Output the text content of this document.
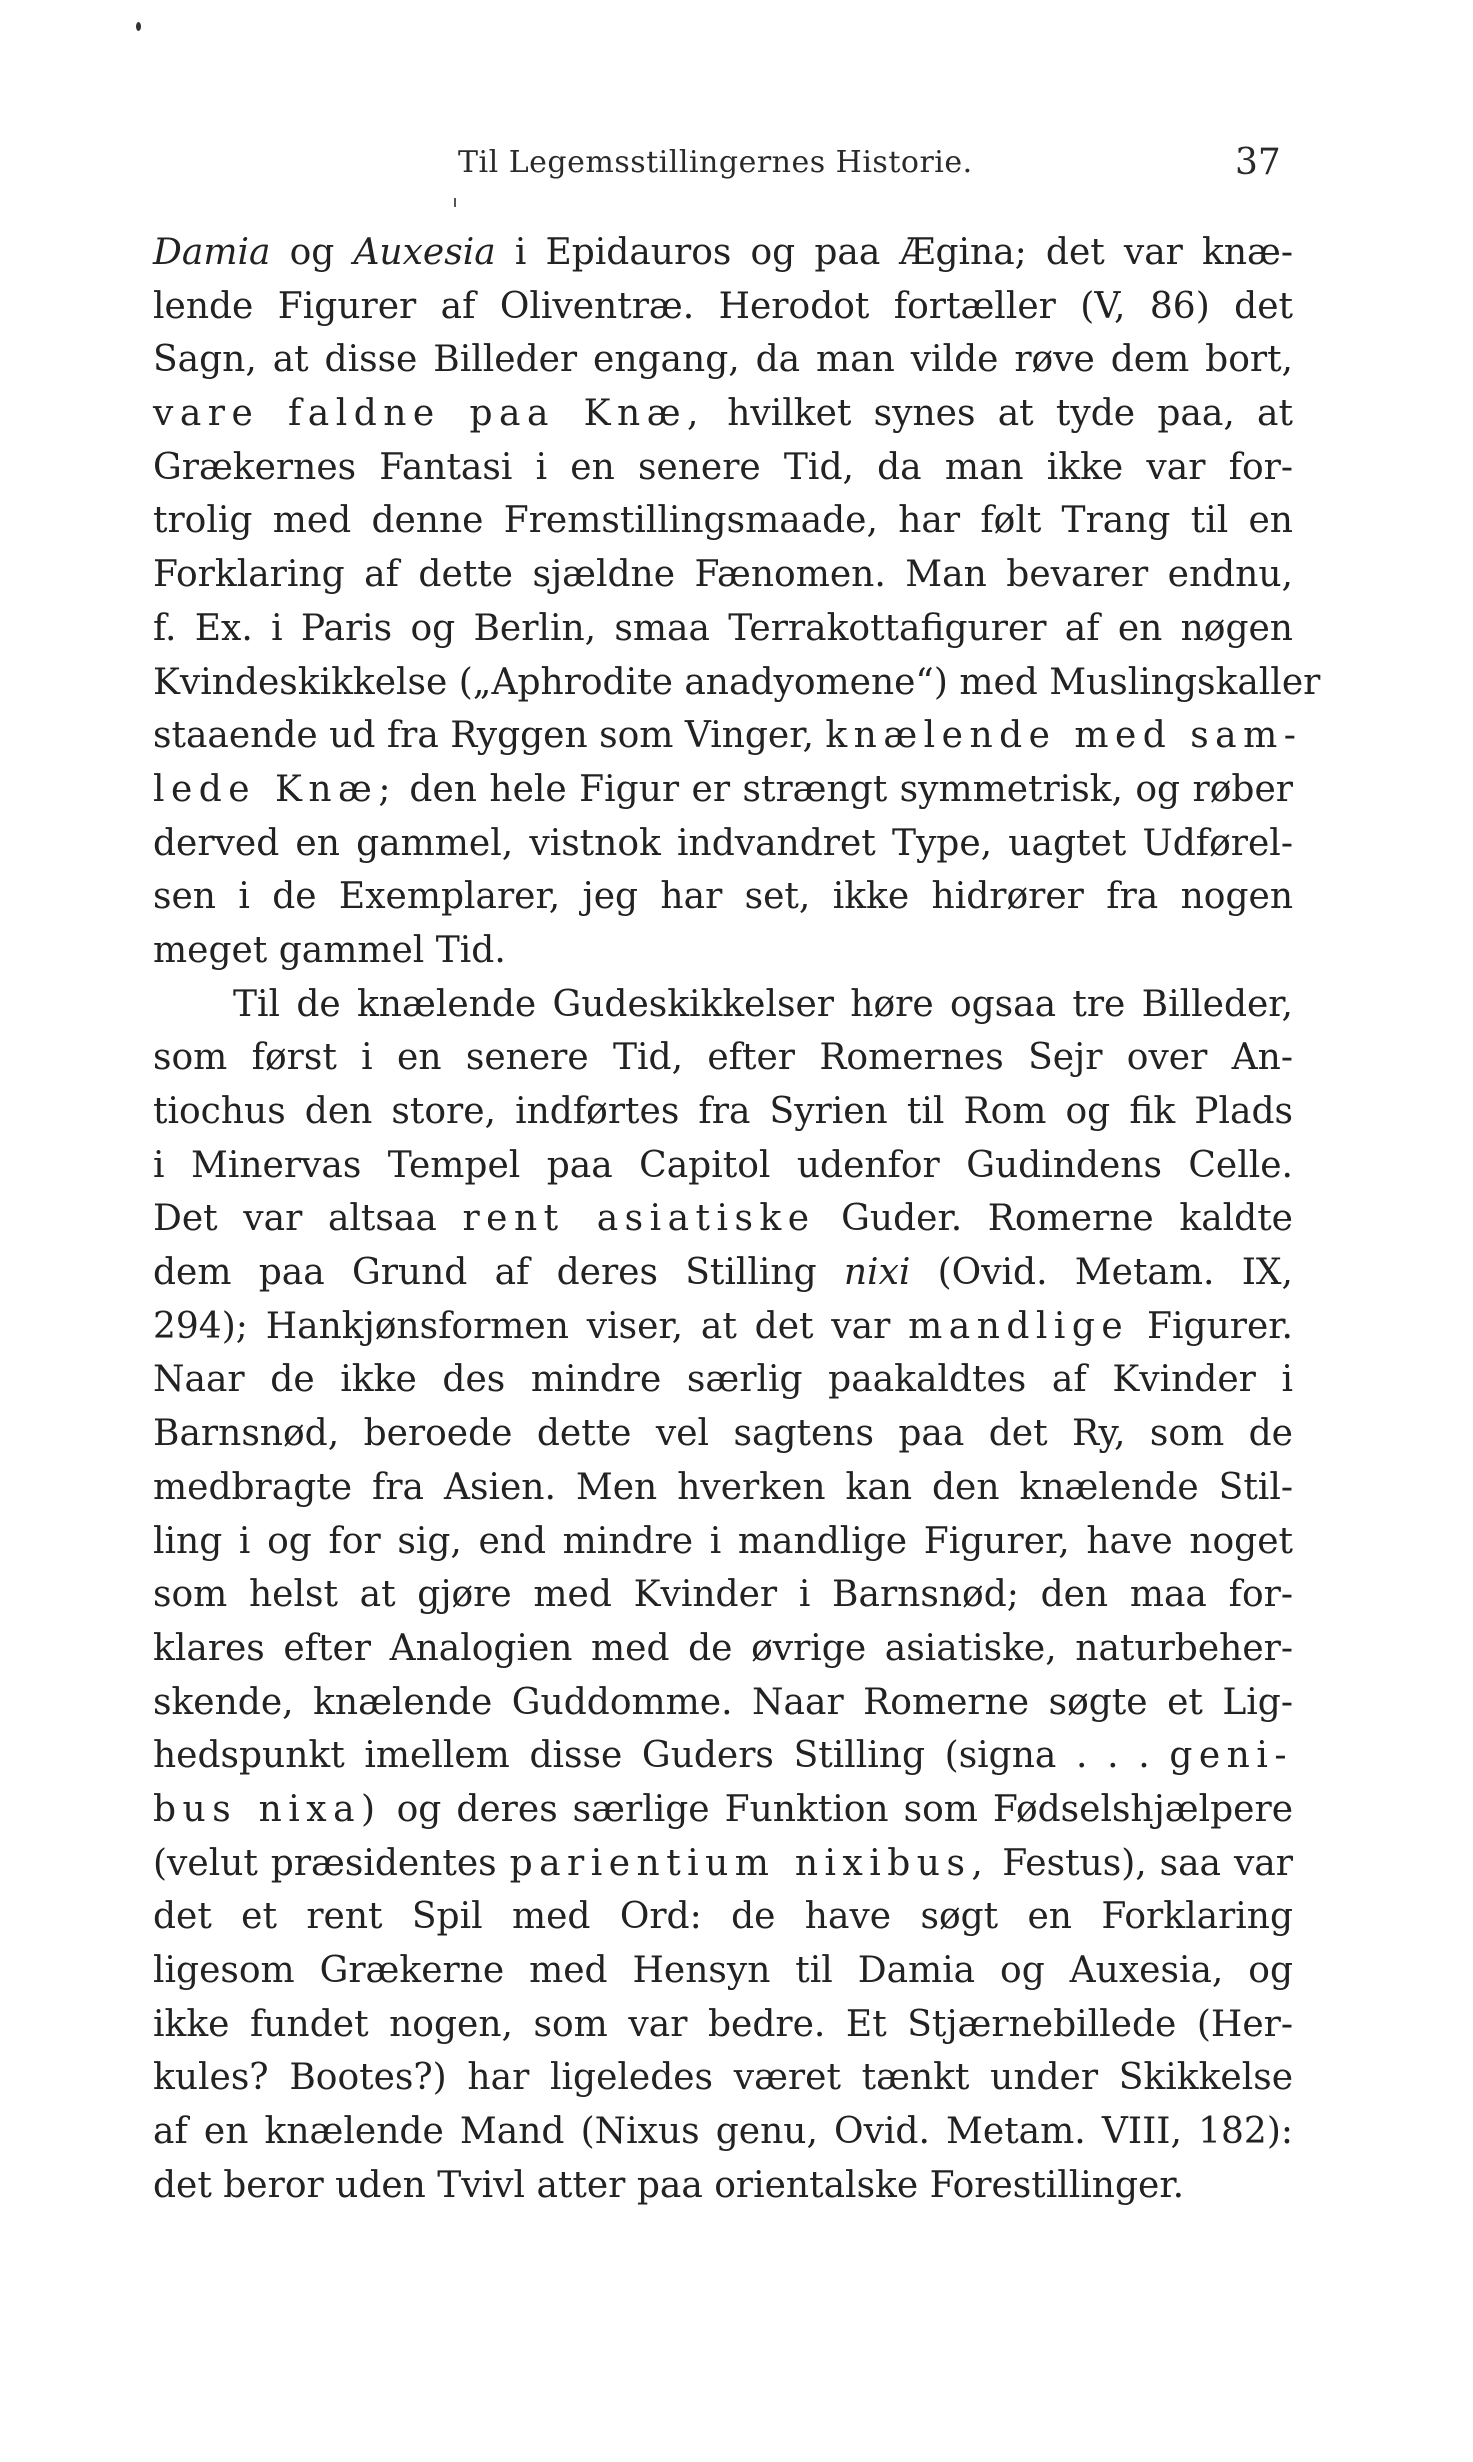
Til Legemsstillingernes Historie.	37
Damia og Auxesia i Epidauros og paa Ægina; det var knæ-
lende Figurer af Oliventræ. Herodot fortæller (V, 86) det
Sagn, at disse Billeder engang, da man vilde røve dem bort,
vare faldne paa Knæ, hvilket synes at tyde paa, at
Grækernes Fantasi i en senere Tid, da man ikke var for-
trolig med denne Fremstillingsmaade, har følt Trang til en
Forklaring af dette sjældne Fænomen. Man bevarer endnu,
f. Ex. i Paris og Berlin, smaa Terrakottafigurer af en nøgen
Kvindeskikkelse („Aphrodite anadyomene“) med Muslingskaller
staaende ud fra Ryggen som Vinger, knælende med sam-
lede Knæ; den hele Figur er strængt symmetrisk, og røber
derved en gammel, vistnok indvandret Type, uagtet Udførel-
sen i de Exemplarer, jeg har set, ikke hidrører fra nogen
meget gammel Tid.
Til de knælende Gudeskikkelser høre ogsaa tre Billeder,
som først i en senere Tid, efter Romernes Sejr over An-
tiochus den store, indførtes fra Syrien til Rom og fik Plads
i Minervas Tempel paa Capitol udenfor Gudindens Celle.
Det var altsaa rent asiatiske Guder. Romerne kaldte
dem paa Grund af deres Stilling nixi (Ovid. Metam. IX,
294); Hankjønsformen viser, at det var mandlige Figurer.
Naar de ikke des mindre særlig paakaldtes af Kvinder i
Barnsnød, beroede dette vel sagtens paa det Ry, som de
medbragte fra Asien. Men hverken kan den knælende Stil-
ling i og for sig, end mindre i mandlige Figurer, have noget
som helst at gjøre med Kvinder i Barnsnød; den maa for-
klares efter Analogien med de øvrige asiatiske, naturbeher-
skende, knælende Guddomme. Naar Romerne søgte et Lig-
hedspunkt imellem disse Guders Stilling (signa . . . geni-
bus nixa) og deres særlige Funktion som Fødselshjælpere
(velut præsidentes parientium nixibus, Festus), saa var
det et rent Spil med Ord: de have søgt en Forklaring
ligesom Grækerne med Hensyn til Damia og Auxesia, og
ikke fundet nogen, som var bedre. Et Stjærnebillede (Her-
kules? Bootes?) har ligeledes været tænkt under Skikkelse
af en knælende Mand (Nixus genu, Ovid. Metam. VIII, 182):
det beror uden Tvivl atter paa orientalske Forestillinger.
